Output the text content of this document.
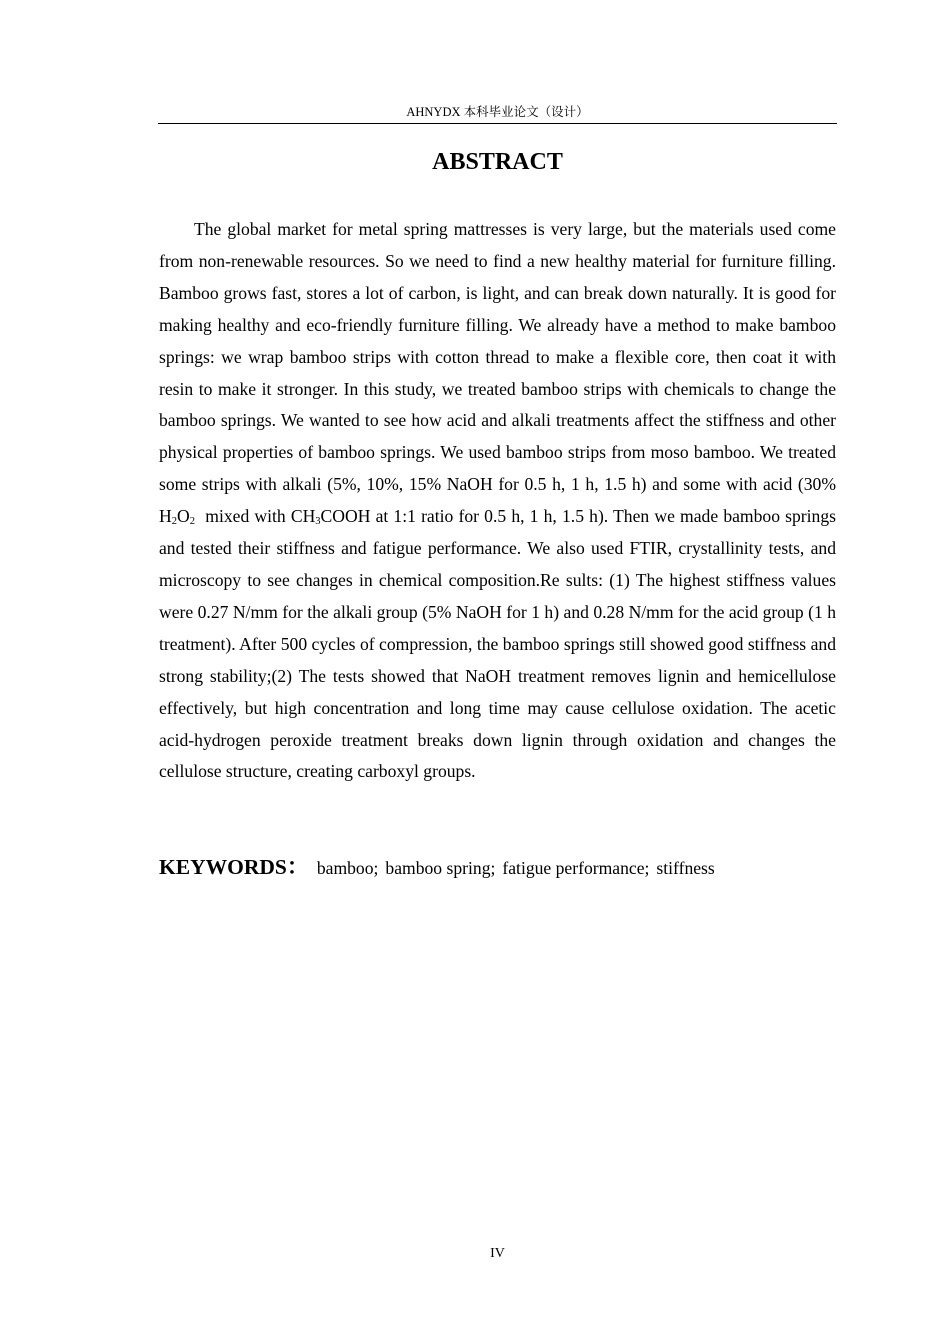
AHNYDX 本科毕业论文（设计）
ABSTRACT

The global market for metal spring mattresses is very large, but the materials used come from non-renewable resources. So we need to find a new healthy material for furniture filling. Bamboo grows fast, stores a lot of carbon, is light, and can break down naturally. It is good for making healthy and eco-friendly furniture filling. We already have a method to make bamboo springs: we wrap bamboo strips with cotton thread to make a flexible core, then coat it with resin to make it stronger. In this study, we treated bamboo strips with chemicals to change the bamboo springs. We wanted to see how acid and alkali treatments affect the stiffness and other physical properties of bamboo springs. We used bamboo strips from moso bamboo. We treated some strips with alkali (5%, 10%, 15% NaOH for 0.5 h, 1 h, 1.5 h) and some with acid (30% $H_2O_2$  mixed with $CH_3COOH$ at 1:1 ratio for 0.5 h, 1 h, 1.5 h). Then we made bamboo springs and tested their stiffness and fatigue performance. We also used FTIR, crystallinity tests, and microscopy to see changes in chemical composition.Re sults: (1) The highest stiffness values were 0.27 N/mm for the alkali group (5% NaOH for 1 h) and 0.28 N/mm for the acid group (1 h treatment). After 500 cycles of compression, the bamboo springs still showed good stiffness and strong stability;(2) The tests showed that NaOH treatment removes lignin and hemicellulose effectively, but high concentration and long time may cause cellulose oxidation. The acetic acid-hydrogen peroxide treatment breaks down lignin through oxidation and changes the cellulose structure, creating carboxyl groups.

KEYWORDS： bamboo; bamboo spring; fatigue performance; stiffness
IV
